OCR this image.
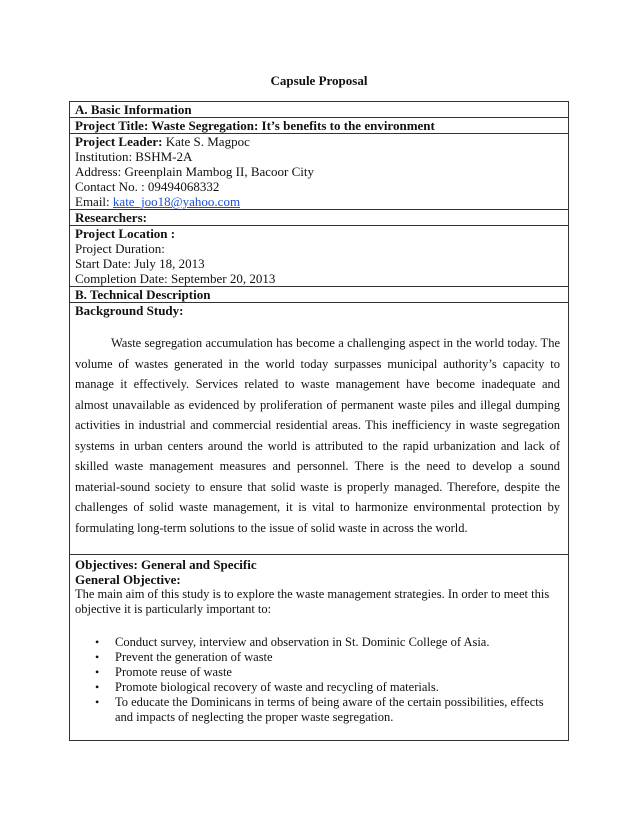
Capsule Proposal
A. Basic Information
Project Title: Waste Segregation: It’s benefits to the environment
Project Leader: Kate S. Magpoc
Institution: BSHM-2A
Address: Greenplain Mambog II, Bacoor City
Contact No. : 09494068332
Email: kate_joo18@yahoo.com
Researchers:
Project Location :
Project Duration:
Start Date: July 18, 2013
Completion Date: September 20, 2013
B. Technical Description
Background Study:

Waste segregation accumulation has become a challenging aspect in the world today. The volume of wastes generated in the world today surpasses municipal authority’s capacity to manage it effectively. Services related to waste management have become inadequate and almost unavailable as evidenced by proliferation of permanent waste piles and illegal dumping activities in industrial and commercial residential areas. This inefficiency in waste segregation systems in urban centers around the world is attributed to the rapid urbanization and lack of skilled waste management measures and personnel. There is the need to develop a sound material-sound society to ensure that solid waste is properly managed. Therefore, despite the challenges of solid waste management, it is vital to harmonize environmental protection by formulating long-term solutions to the issue of solid waste in across the world.

Objectives: General and Specific
General Objective:
The main aim of this study is to explore the waste management strategies. In order to meet this objective it is particularly important to:
• Conduct survey, interview and observation in St. Dominic College of Asia.
• Prevent the generation of waste
• Promote reuse of waste
• Promote biological recovery of waste and recycling of materials.
• To educate the Dominicans in terms of being aware of the certain possibilities, effects and impacts of neglecting the proper waste segregation.
